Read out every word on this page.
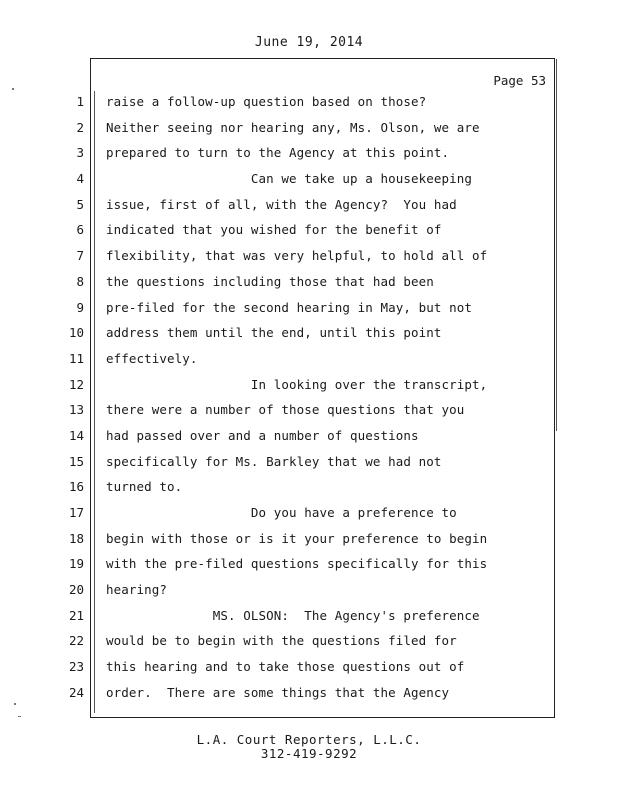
June 19, 2014
Page 53
1
2
3
4
5
6
7
8
9
10
11
12
13
14
15
16
17
18
19
20
21
22
23
24
raise a follow-up question based on those?
Neither seeing nor hearing any, Ms. Olson, we are
prepared to turn to the Agency at this point.
Can we take up a housekeeping
issue, first of all, with the Agency?  You had
indicated that you wished for the benefit of
flexibility, that was very helpful, to hold all of
the questions including those that had been
pre-filed for the second hearing in May, but not
address them until the end, until this point
effectively.
In looking over the transcript,
there were a number of those questions that you
had passed over and a number of questions
specifically for Ms. Barkley that we had not
turned to.
Do you have a preference to
begin with those or is it your preference to begin
with the pre-filed questions specifically for this
hearing?
MS. OLSON:  The Agency's preference
would be to begin with the questions filed for
this hearing and to take those questions out of
order.  There are some things that the Agency
L.A. Court Reporters, L.L.C.
312-419-9292
